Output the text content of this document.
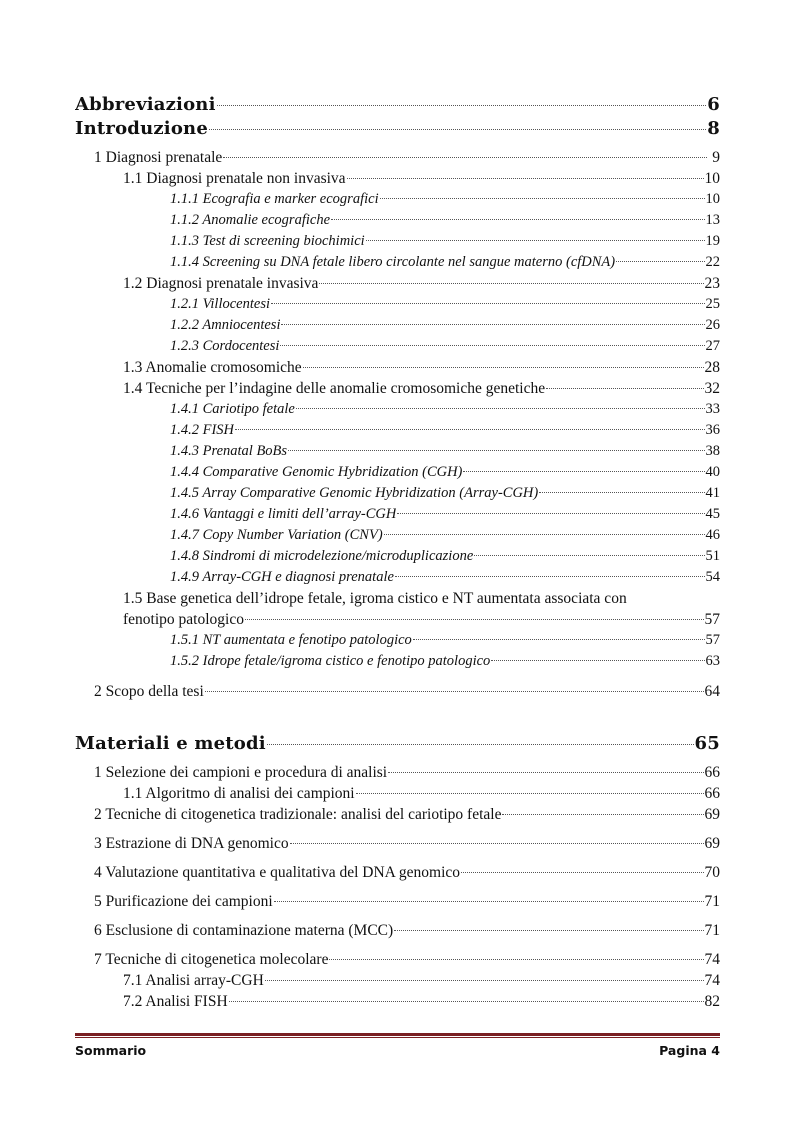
Abbreviazioni	6
Introduzione	8
1 Diagnosi prenatale	9
1.1 Diagnosi prenatale non invasiva	10
1.1.1 Ecografia e marker ecografici	10
1.1.2 Anomalie ecografiche	13
1.1.3 Test di screening biochimici	19
1.1.4 Screening su DNA fetale libero circolante nel sangue materno (cfDNA)	22
1.2 Diagnosi prenatale invasiva	23
1.2.1 Villocentesi	25
1.2.2 Amniocentesi	26
1.2.3 Cordocentesi	27
1.3 Anomalie cromosomiche	28
1.4 Tecniche per l’indagine delle anomalie cromosomiche genetiche	32
1.4.1 Cariotipo fetale	33
1.4.2 FISH	36
1.4.3 Prenatal BoBs	38
1.4.4 Comparative Genomic Hybridization (CGH)	40
1.4.5 Array Comparative Genomic Hybridization (Array-CGH)	41
1.4.6 Vantaggi e limiti dell’array-CGH	45
1.4.7 Copy Number Variation (CNV)	46
1.4.8 Sindromi di microdelezione/microduplicazione	51
1.4.9 Array-CGH e diagnosi prenatale	54
1.5 Base genetica dell’idrope fetale, igroma cistico e NT aumentata associata con
fenotipo patologico	57
1.5.1 NT aumentata e fenotipo patologico	57
1.5.2 Idrope fetale/igroma cistico e fenotipo patologico	63
2 Scopo della tesi	64
Materiali e metodi	65
1 Selezione dei campioni e procedura di analisi	66
1.1 Algoritmo di analisi dei campioni	66
2 Tecniche di citogenetica tradizionale: analisi del cariotipo fetale	69
3 Estrazione di DNA genomico	69
4 Valutazione quantitativa e qualitativa del DNA genomico	70
5 Purificazione dei campioni	71
6 Esclusione di contaminazione materna (MCC)	71
7 Tecniche di citogenetica molecolare	74
7.1 Analisi array-CGH	74
7.2 Analisi FISH	82
Sommario	Pagina 4
